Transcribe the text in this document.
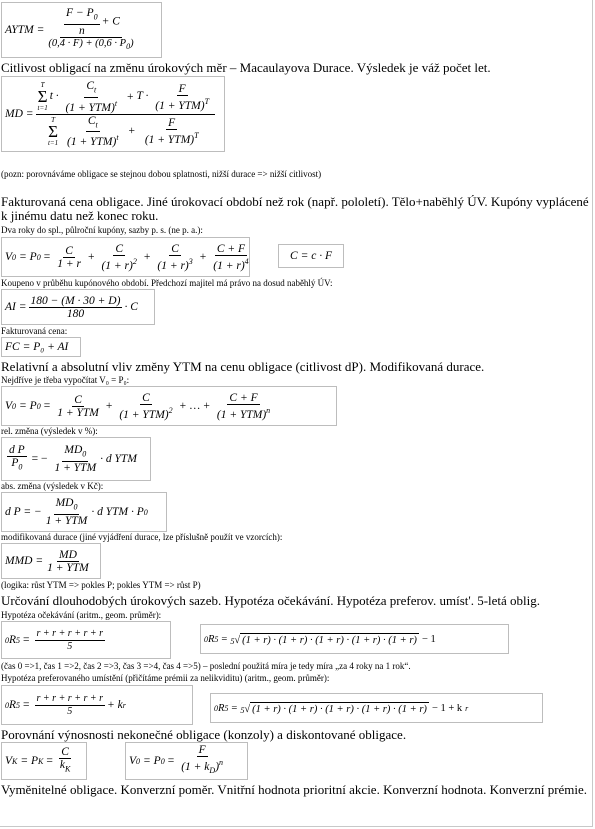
AYTM = $\frac{\frac{F - P_0}{n} + C}{(0,4 \cdot F) + (0,6 \cdot P_0)}$
Citlivost obligací na změnu úrokových měr – Macaulayova Durace. Výsledek je váž počet let.
MD =
T
Σ
t=1
$t \cdot \frac{C_t}{(1 + YTM)^t} + T \cdot \frac{F}{(1 + YTM)^T}$
T
Σ
t=1
$\frac{C_t}{(1 + YTM)^t} + \frac{F}{(1 + YTM)^T}$
(pozn: porovnáváme obligace se stejnou dobou splatnosti, nižší durace => nižší citlivost)
Fakturovaná cena obligace. Jiné úrokovací období než rok (např. pololetí). Tělo+naběhlý ÚV. Kupóny vyplácené k jinému datu než konec roku.
Dva roky do spl., půlroční kupóny, sazby p. s. (ne p. a.):
V 0 = P $0 = \frac{C}{1 + r} + \frac{C}{(1 + r)^2} + \frac{C}{(1 + r)^3} + \frac{C + F}{(1 + r)^4}$	C = c · F
Koupeno v průběhu kupónového období. Předchozí majitel má právo na dosud naběhlý ÚV:
AI = $\frac{180 - (M \cdot 30 + D)}{180} \cdot C$
Fakturovaná cena:
FC = P₀ + AI
Relativní a absolutní vliv změny YTM na cenu obligace (citlivost dP). Modifikovaná durace.
Nejdříve je třeba vypočítat V₀ = P₀:
V 0 = P $0 = \frac{C}{\text{1 + YTM}} + \frac{C}{(1 + YTM)^2}$ + … + $\frac{C + F}{(1 + YTM)^n}$
rel. změna (výsledek v %):
$\frac{\text{d P}}{P_0}$ = − $\frac{MD_0}{\text{1 + YTM}} \cdot d$ YTM
abs. změna (výsledek v Kč):
d P = − $\frac{MD_0}{\text{1 + YTM}} \cdot d$ YTM · P 0
modifikovaná durace (jiné vyjádření durace, lze příslušně použít ve vzorcích):
MMD = $\frac{MD}{\text{1 + YTM}}$
(logika: růst YTM => pokles P; pokles YTM => růst P)
Určování dlouhodobých úrokových sazeb. Hypotéza očekávání. Hypotéza preferov. umíst'. 5-letá oblig.
Hypotéza očekávání (aritm., geom. průměr):
0 R $5 = \frac{r + r + r + r + r}{5}$	0 R 5 = 5 √ (1 + r) · (1 + r) · (1 + r) · (1 + r) · (1 + r) − 1
(čas 0 =>1, čas 1 =>2, čas 2 =>3, čas 3 =>4, čas 4 =>5) – poslední použitá míra je tedy míra „za 4 roky na 1 rok“.
Hypotéza preferovaného umístění (přičítáme prémii za nelikviditu) (aritm., geom. průměr):
0 R $5 = \frac{r + r + r + r + r}{5} + k$ r	0 R 5 = 5 √ (1 + r) · (1 + r) · (1 + r) · (1 + r) · (1 + r) − 1 + k r
Porovnání výnosnosti nekonečné obligace (konzoly) a diskontované obligace.
V K = P $K = \frac{C}{k_K}$	V 0 = P $0 = \frac{F}{(1 + k_D)^n}$
Vyměnitelné obligace. Konverzní poměr. Vnitřní hodnota prioritní akcie. Konverzní hodnota. Konverzní prémie.
